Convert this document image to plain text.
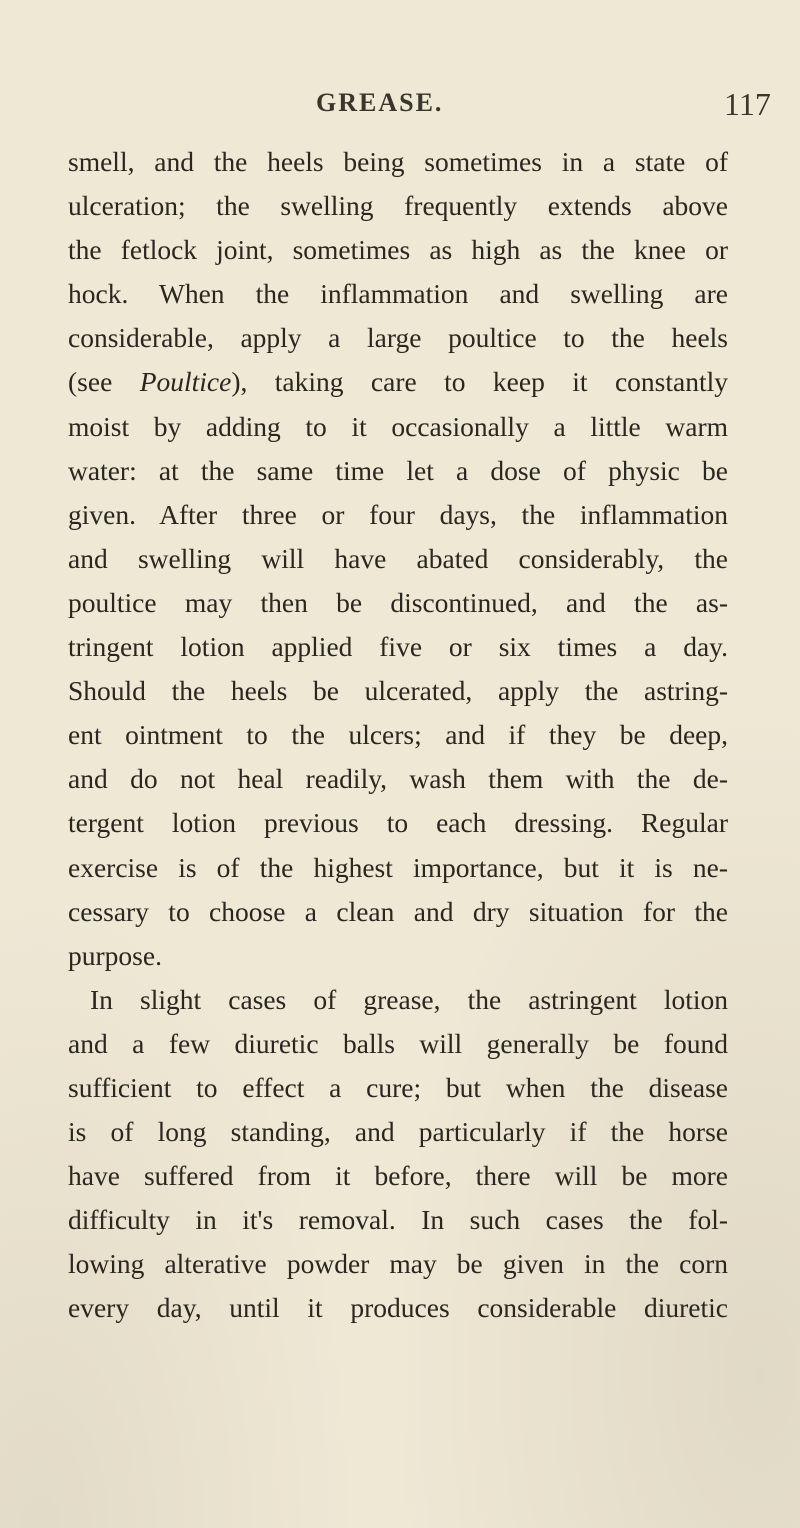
GREASE.	117
smell, and the heels being sometimes in a state of
ulceration; the swelling frequently extends above
the fetlock joint, sometimes as high as the knee or
hock. When the inflammation and swelling are
considerable, apply a large poultice to the heels
(see Poultice), taking care to keep it constantly
moist by adding to it occasionally a little warm
water: at the same time let a dose of physic be
given. After three or four days, the inflammation
and swelling will have abated considerably, the
poultice may then be discontinued, and the as-
tringent lotion applied five or six times a day.
Should the heels be ulcerated, apply the astring-
ent ointment to the ulcers; and if they be deep,
and do not heal readily, wash them with the de-
tergent lotion previous to each dressing. Regular
exercise is of the highest importance, but it is ne-
cessary to choose a clean and dry situation for the
purpose.
In slight cases of grease, the astringent lotion
and a few diuretic balls will generally be found
sufficient to effect a cure; but when the disease
is of long standing, and particularly if the horse
have suffered from it before, there will be more
difficulty in it's removal. In such cases the fol-
lowing alterative powder may be given in the corn
every day, until it produces considerable diuretic
